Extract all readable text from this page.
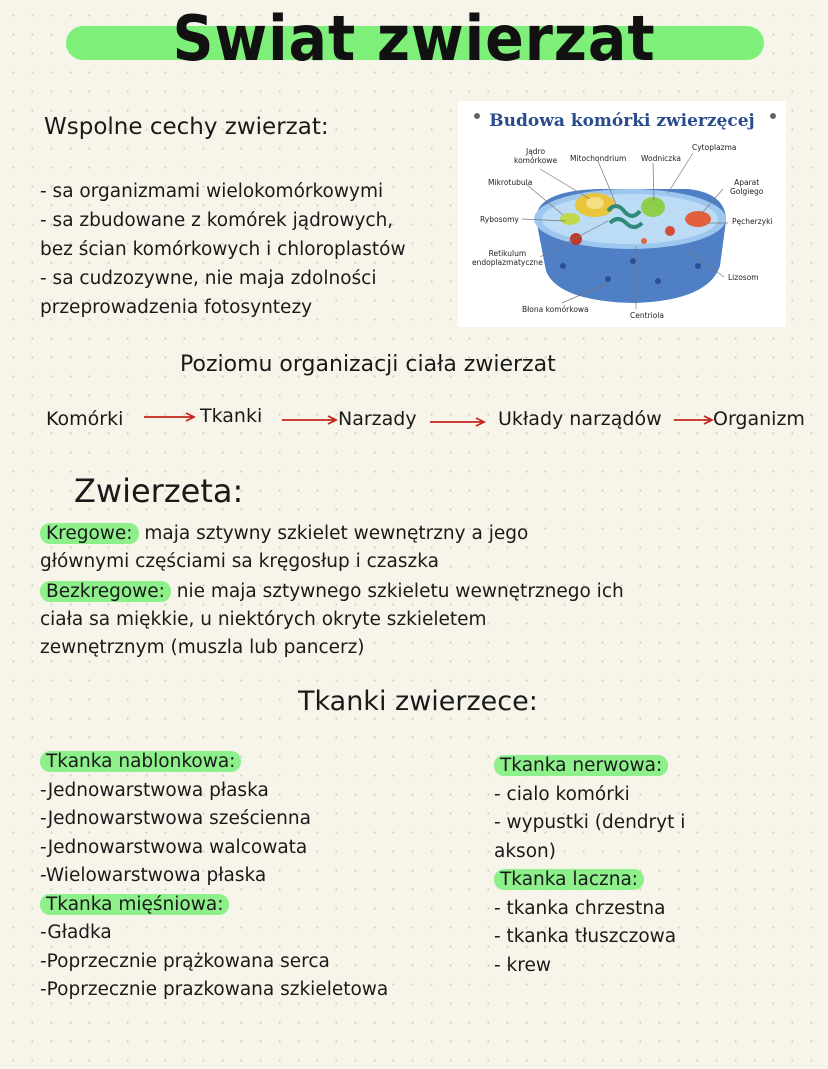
Swiat zwierzat
Wspolne cechy zwierzat:
- sa organizmami wielokomórkowymi
- sa zbudowane z komórek jądrowych,
bez ścian komórkowych i chloroplastów
- sa cudzozywne, nie maja zdolności
przeprowadzenia fotosyntezy
Budowa komórki zwierzęcej
Jądro
komórkowe Mitochondrium Wodniczka
Cytoplazma
Mikrotubula	Aparat
Golgiego
Rybosomy	Pęcherzyki
Retikulum
endoplazmatyczne
Lizosom
Błona komórkowa
Centriola
Poziomu organizacji ciała zwierzat
Komórki	Tkanki	Narzady	Układy narządów	Organizm
Zwierzeta:
Kregowe: maja sztywny szkielet wewnętrzny a jego
głównymi częściami sa kręgosłup i czaszka
Bezkregowe: nie maja sztywnego szkieletu wewnętrznego ich
ciała sa miękkie, u niektórych okryte szkieletem
zewnętrznym (muszla lub pancerz)
Tkanki zwierzece:
Tkanka nablonkowa:
-Jednowarstwowa płaska
-Jednowarstwowa sześcienna
-Jednowarstwowa walcowata
-Wielowarstwowa płaska
Tkanka mięśniowa:
-Gładka
-Poprzecznie prążkowana serca
-Poprzecznie prazkowana szkieletowa
Tkanka nerwowa:
- cialo komórki
- wypustki (dendryt i
akson)
Tkanka laczna:
- tkanka chrzestna
- tkanka tłuszczowa
- krew
